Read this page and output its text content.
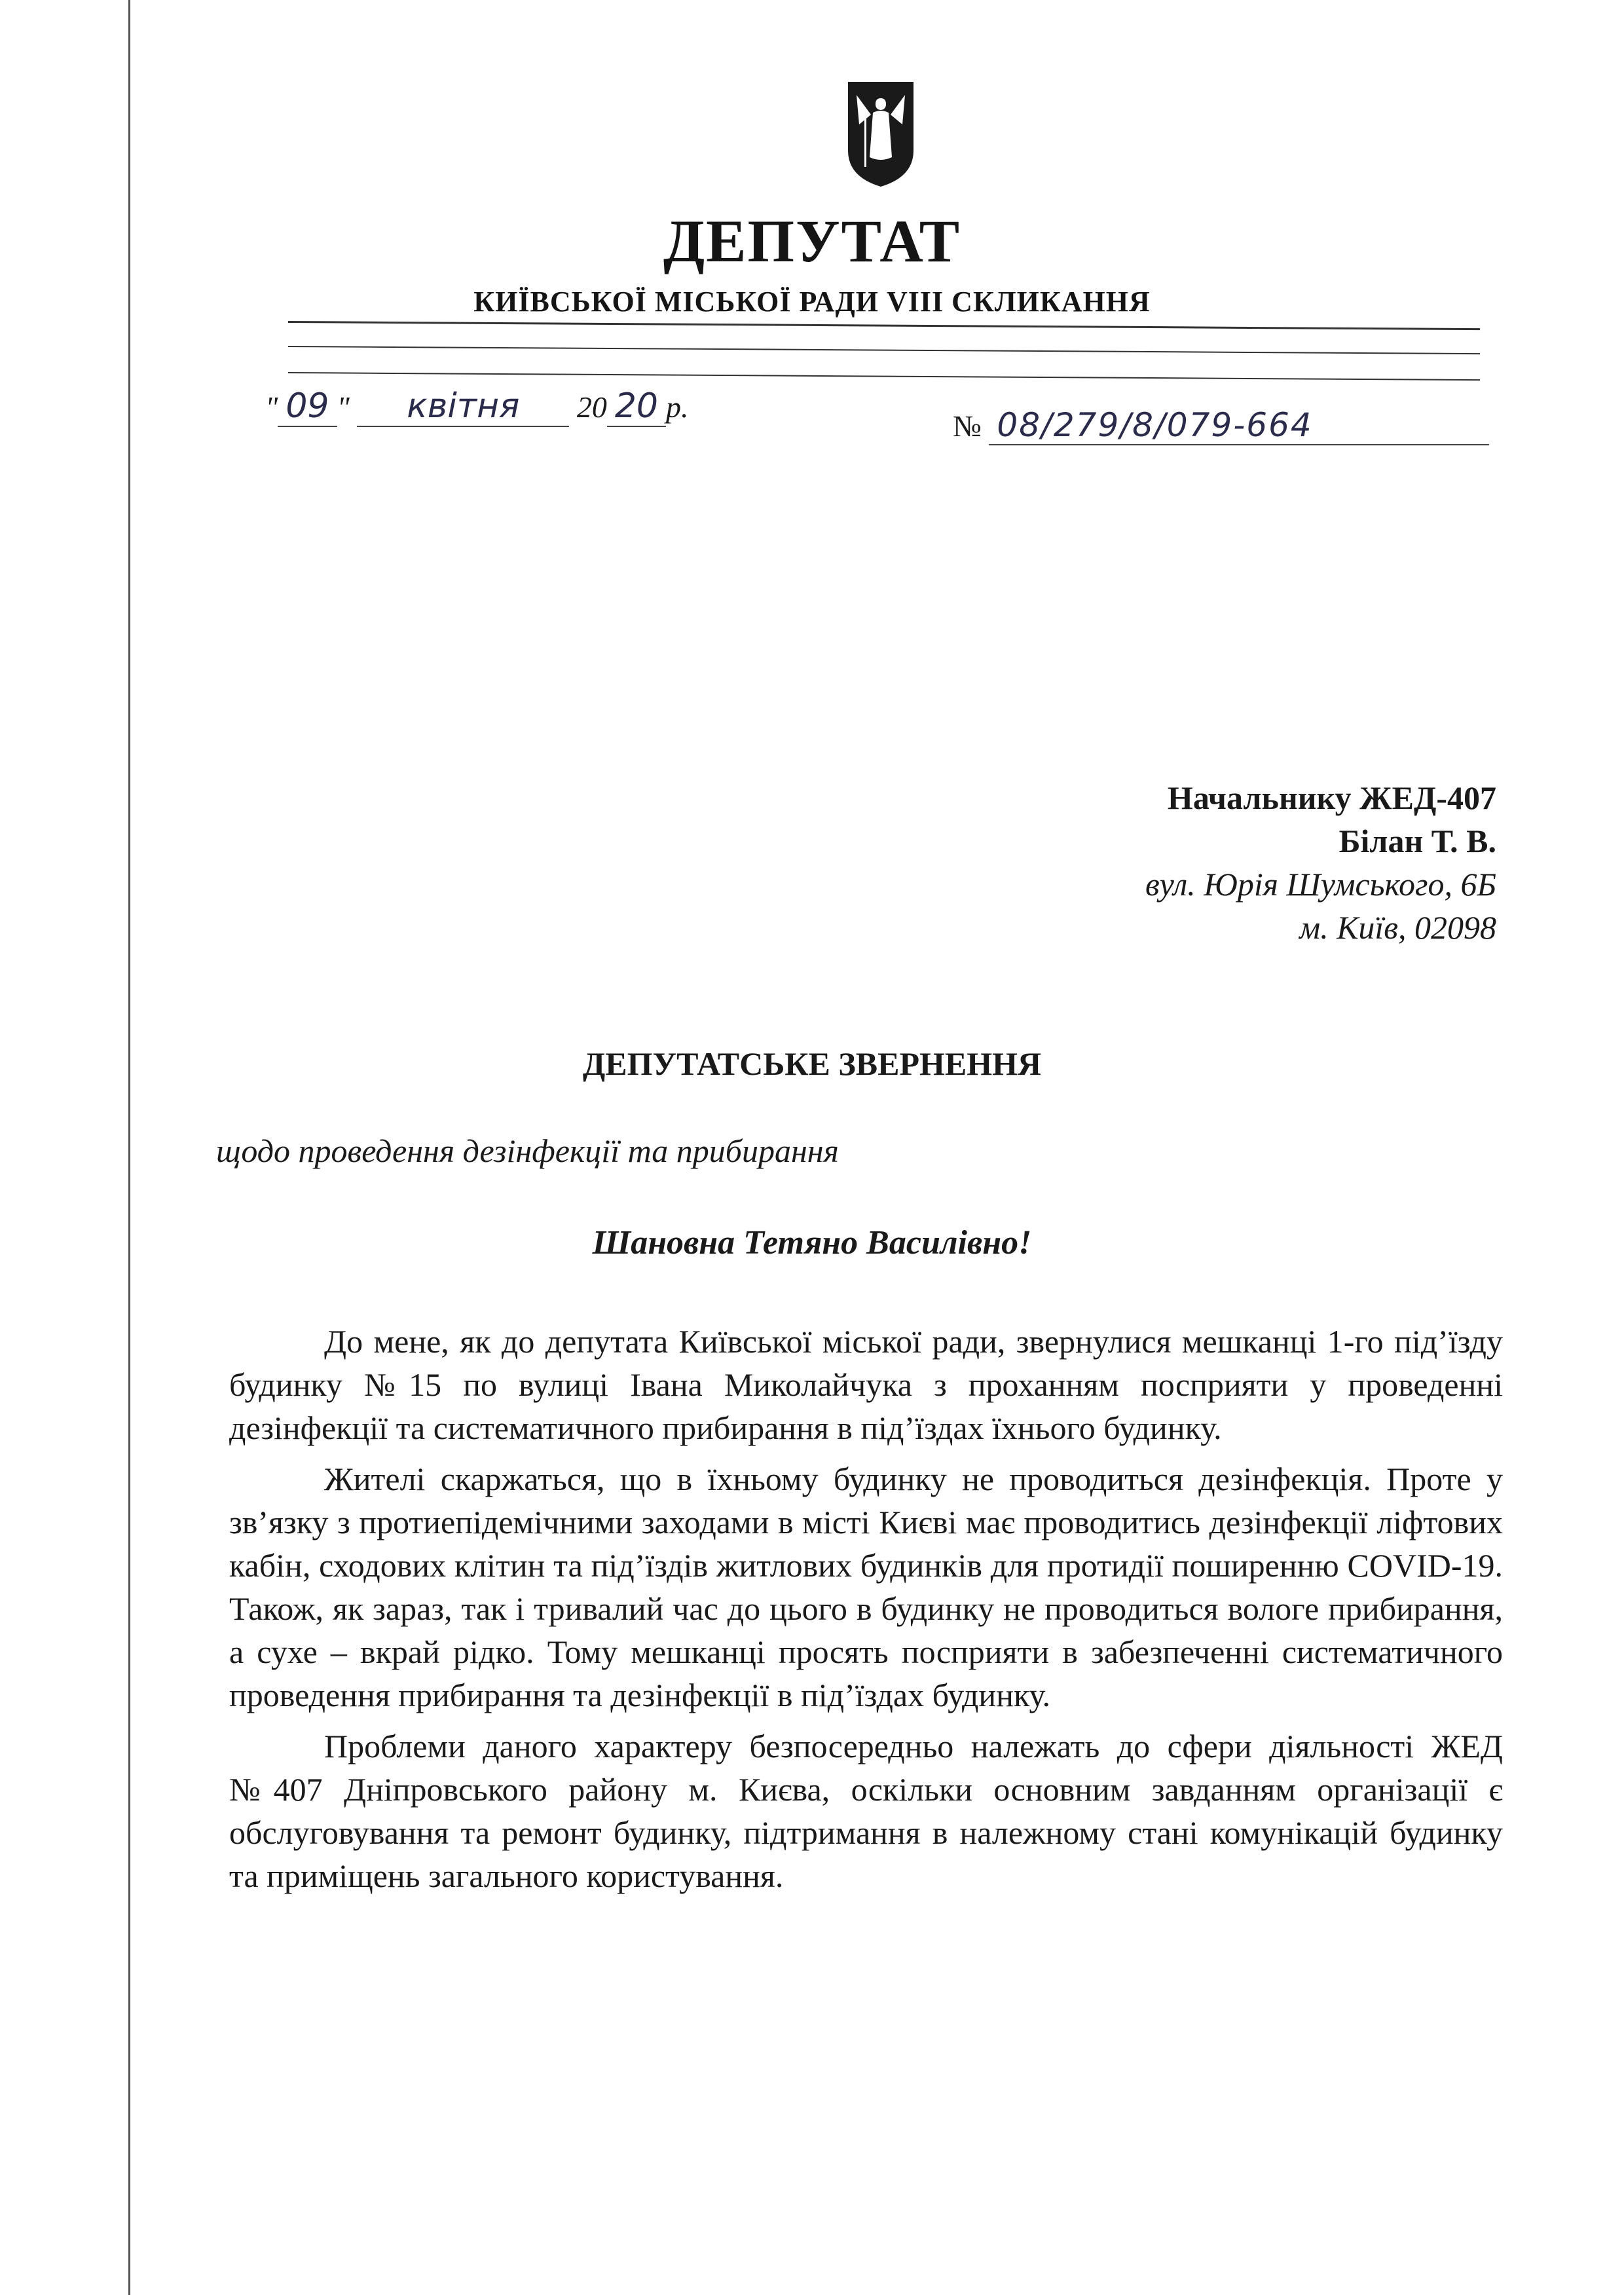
ДЕПУТАТ
КИЇВСЬКОЇ МІСЬКОЇ РАДИ VIII СКЛИКАННЯ
" 09 " квітня 20 20 р.
№ 08/279/8/079-664
Начальнику ЖЕД-407
Білан Т. В.
вул. Юрія Шумського, 6Б
м. Київ, 02098
ДЕПУТАТСЬКЕ ЗВЕРНЕННЯ
щодо проведення дезінфекції та прибирання
Шановна Тетяно Василівно!

До мене, як до депутата Київської міської ради, звернулися мешканці 1-го під’їзду будинку №15 по вулиці Івана Миколайчука з проханням посприяти у проведенні дезінфекції та систематичного прибирання в під’їздах їхнього будинку.

Жителі скаржаться, що в їхньому будинку не проводиться дезінфекція. Проте у зв’язку з протиепідемічними заходами в місті Києві має проводитись дезінфекції ліфтових кабін, сходових клітин та під’їздів житлових будинків для протидії поширенню COVID-19. Також, як зараз, так і тривалий час до цього в будинку не проводиться вологе прибирання, а сухе – вкрай рідко. Тому мешканці просять посприяти в забезпеченні систематичного проведення прибирання та дезінфекції в під’їздах будинку.

Проблеми даного характеру безпосередньо належать до сфери діяльності ЖЕД №407 Дніпровського району м. Києва, оскільки основним завданням організації є обслуговування та ремонт будинку, підтримання в належному стані комунікацій будинку та приміщень загального користування.
